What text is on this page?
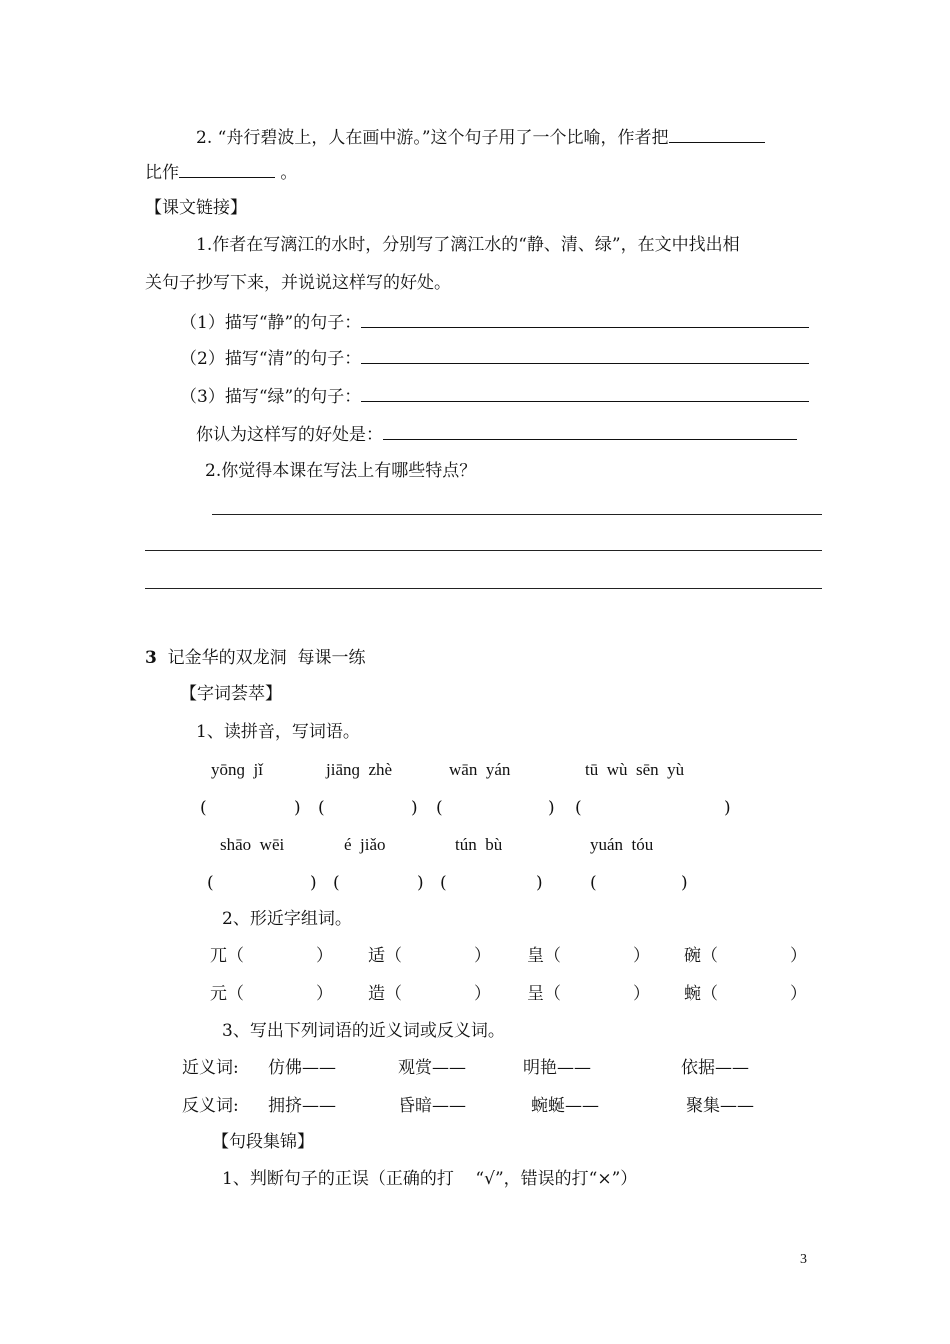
2. “舟行碧波上，人在画中游。”这个句子用了一个比喻，作者把
比作	。
【课文链接】
1.作者在写漓江的水时，分别写了漓江水的“静、清、绿”，在文中找出相
关句子抄写下来，并说说这样写的好处。
（1）描写“静”的句子：
（2）描写“清”的句子：
（3）描写“绿”的句子：
你认为这样写的好处是：
2.你觉得本课在写法上有哪些特点？
3 记金华的双龙洞  每课一练
【字词荟萃】
1、读拼音，写词语。
yōnɡ  jǐ	jiānɡ  zhè	wān  yán	tū  wù  sēn  yù
(	) (	) (	) (	)
shāo  wēi	é  jiǎo	tún  bù	yuán  tóu
(	) (	) (	)	(	)
2、形近字组词。
兀（	） 适（	） 皇（	） 碗（	）
元（	） 造（	） 呈（	） 蜿（	）
3、写出下列词语的近义词或反义词。
近义词: 仿佛——	观赏——	明艳——	依据——
反义词: 拥挤——	昏暗——	蜿蜒——	聚集——
【句段集锦】
1、判断句子的正误（正确的打    “√”，错误的打“×”）
3
